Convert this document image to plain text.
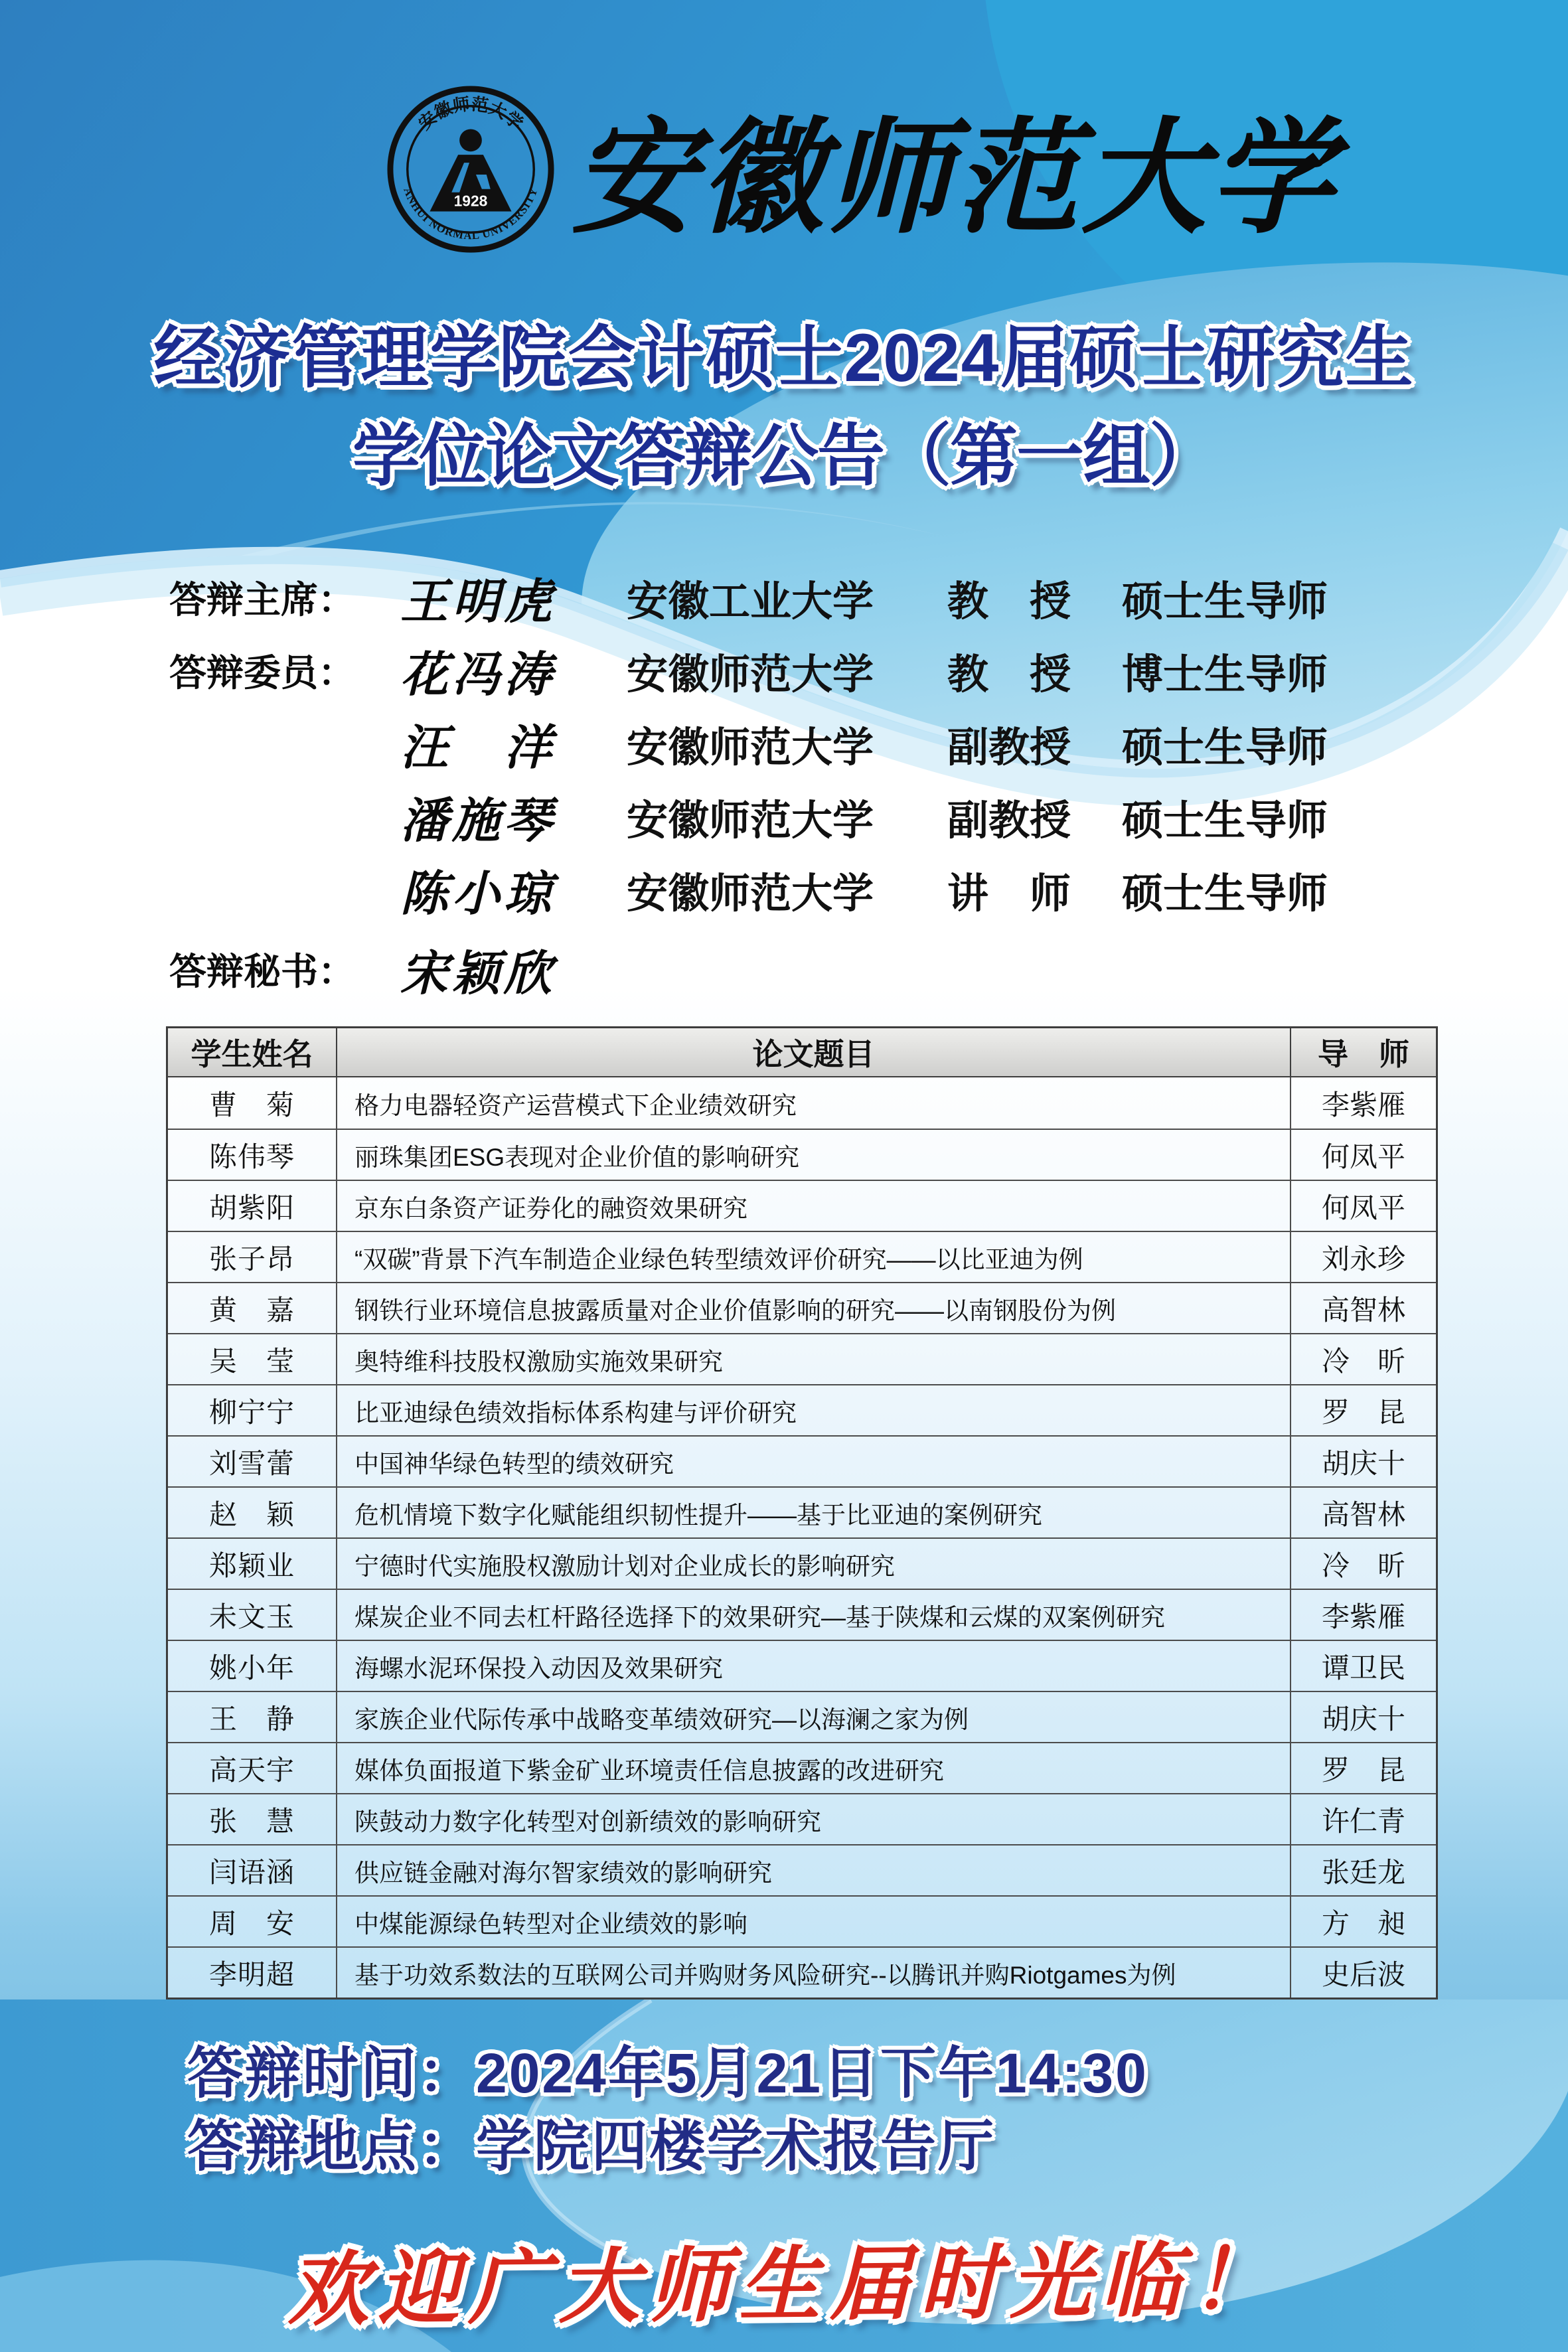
安徽师范大学
ANHUI NORMAL UNIVERSITY
1928 安徽师范大学
经济管理学院会计硕士2024届硕士研究生
学位论文答辩公告（第一组）
答辩主席： 王明虎	安徽工业大学	教　授	硕士生导师
答辩委员： 花冯涛	安徽师范大学	教　授	博士生导师
汪　洋	安徽师范大学	副教授	硕士生导师
潘施琴	安徽师范大学	副教授	硕士生导师
陈小琼	安徽师范大学	讲　师	硕士生导师
答辩秘书： 宋颖欣
学生姓名	论文题目	导　师
曹　菊	格力电器轻资产运营模式下企业绩效研究	李紫雁
陈伟琴	丽珠集团ESG表现对企业价值的影响研究	何凤平
胡紫阳	京东白条资产证券化的融资效果研究	何凤平
张子昂	“双碳”背景下汽车制造企业绿色转型绩效评价研究——以比亚迪为例	刘永珍
黄　嘉	钢铁行业环境信息披露质量对企业价值影响的研究——以南钢股份为例	高智林
吴　莹	奥特维科技股权激励实施效果研究	冷　昕
柳宁宁	比亚迪绿色绩效指标体系构建与评价研究	罗　昆
刘雪蕾	中国神华绿色转型的绩效研究	胡庆十
赵　颖	危机情境下数字化赋能组织韧性提升——基于比亚迪的案例研究	高智林
郑颖业	宁德时代实施股权激励计划对企业成长的影响研究	冷　昕
未文玉	煤炭企业不同去杠杆路径选择下的效果研究—基于陕煤和云煤的双案例研究	李紫雁
姚小年	海螺水泥环保投入动因及效果研究	谭卫民
王　静	家族企业代际传承中战略变革绩效研究—以海澜之家为例	胡庆十
高天宇	媒体负面报道下紫金矿业环境责任信息披露的改进研究	罗　昆
张　慧	陕鼓动力数字化转型对创新绩效的影响研究	许仁青
闫语涵	供应链金融对海尔智家绩效的影响研究	张廷龙
周　安	中煤能源绿色转型对企业绩效的影响	方　昶
李明超	基于功效系数法的互联网公司并购财务风险研究--以腾讯并购Riotgames为例	史后波
答辩时间：2024年5月21日下午14:30
答辩地点：学院四楼学术报告厅
欢迎广大师生届时光临！
